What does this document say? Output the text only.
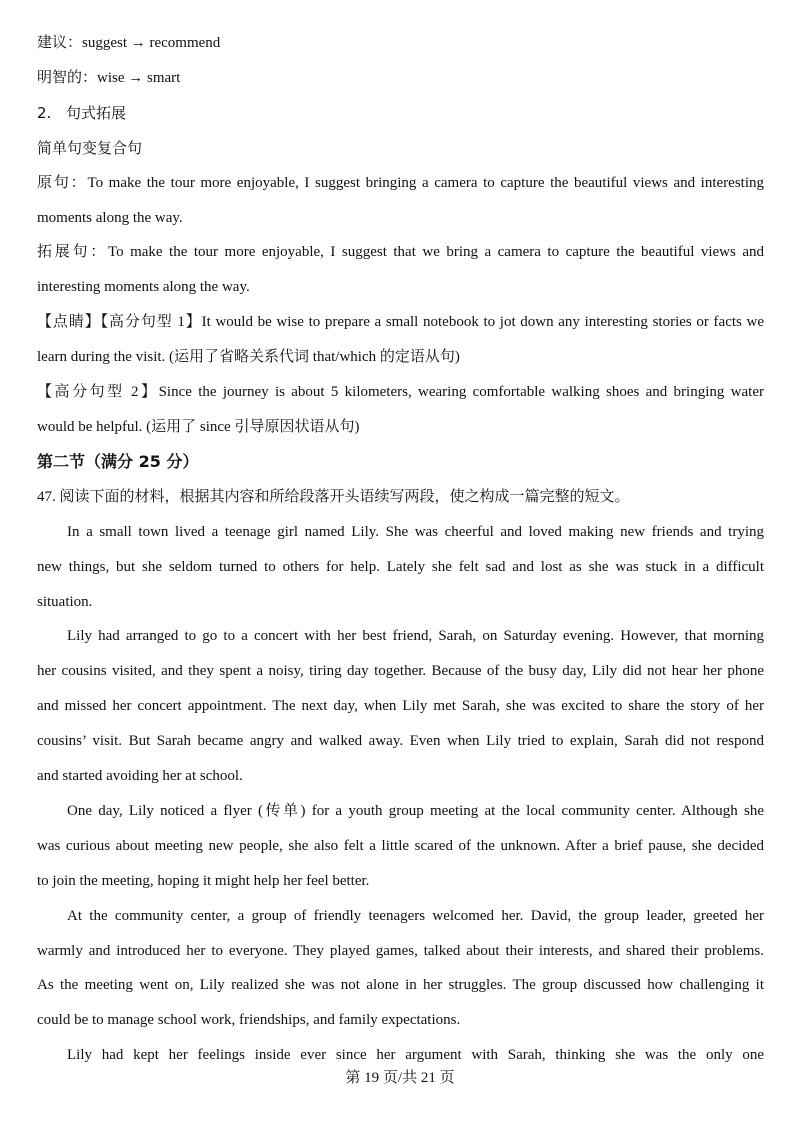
建议：suggest → recommend

明智的：wise → smart

2. 句式拓展

简单句变复合句

原句：To make the tour more enjoyable, I suggest bringing a camera to capture the beautiful views and interesting

moments along the way.

拓展句：To make the tour more enjoyable, I suggest that we bring a camera to capture the beautiful views and

interesting moments along the way.

【点睛】【高分句型 1】It would be wise to prepare a small notebook to jot down any interesting stories or facts we

learn during the visit. (运用了省略关系代词 that/which 的定语从句)

【高分句型 2】Since the journey is about 5 kilometers, wearing comfortable walking shoes and bringing water

would be helpful. (运用了 since 引导原因状语从句)

第二节（满分 25 分）

47. 阅读下面的材料，根据其内容和所给段落开头语续写两段，使之构成一篇完整的短文。

In a small town lived a teenage girl named Lily. She was cheerful and loved making new friends and trying

new things, but she seldom turned to others for help. Lately she felt sad and lost as she was stuck in a difficult

situation.

Lily had arranged to go to a concert with her best friend, Sarah, on Saturday evening. However, that morning

her cousins visited, and they spent a noisy, tiring day together. Because of the busy day, Lily did not hear her phone

and missed her concert appointment. The next day, when Lily met Sarah, she was excited to share the story of her

cousins’ visit. But Sarah became angry and walked away. Even when Lily tried to explain, Sarah did not respond

and started avoiding her at school.

One day, Lily noticed a flyer (传单) for a youth group meeting at the local community center. Although she

was curious about meeting new people, she also felt a little scared of the unknown. After a brief pause, she decided

to join the meeting, hoping it might help her feel better.

At the community center, a group of friendly teenagers welcomed her. David, the group leader, greeted her

warmly and introduced her to everyone. They played games, talked about their interests, and shared their problems.

As the meeting went on, Lily realized she was not alone in her struggles. The group discussed how challenging it

could be to manage school work, friendships, and family expectations.

Lily had kept her feelings inside ever since her argument with Sarah, thinking she was the only one

第 19 页/共 21 页
